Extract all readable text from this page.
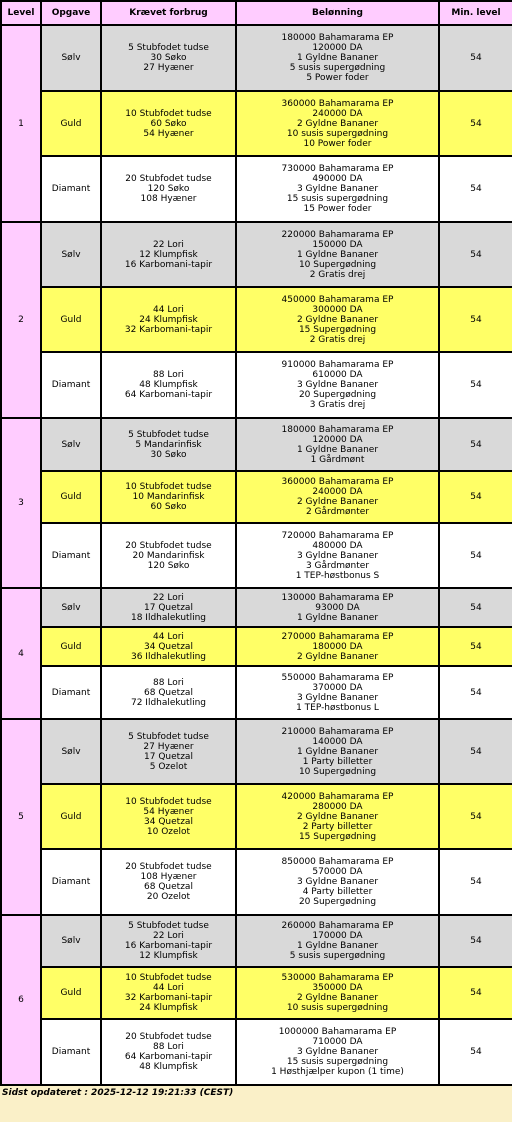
Level	Opgave	Krævet forbrug	Belønning	Min. level
1	Sølv	5 Stubfodet tudse
30 Søko
27 Hyæner	180000 Bahamarama EP
120000 DA
1 Gyldne Bananer
5 susis supergødning
5 Power foder	54
	Guld	10 Stubfodet tudse
60 Søko
54 Hyæner	360000 Bahamarama EP
240000 DA
2 Gyldne Bananer
10 susis supergødning
10 Power foder	54
	Diamant	20 Stubfodet tudse
120 Søko
108 Hyæner	730000 Bahamarama EP
490000 DA
3 Gyldne Bananer
15 susis supergødning
15 Power foder	54
2	Sølv	22 Lori
12 Klumpfisk
16 Karbomani-tapir	220000 Bahamarama EP
150000 DA
1 Gyldne Bananer
10 Supergødning
2 Gratis drej	54
	Guld	44 Lori
24 Klumpfisk
32 Karbomani-tapir	450000 Bahamarama EP
300000 DA
2 Gyldne Bananer
15 Supergødning
2 Gratis drej	54
	Diamant	88 Lori
48 Klumpfisk
64 Karbomani-tapir	910000 Bahamarama EP
610000 DA
3 Gyldne Bananer
20 Supergødning
3 Gratis drej	54
3	Sølv	5 Stubfodet tudse
5 Mandarinfisk
30 Søko	180000 Bahamarama EP
120000 DA
1 Gyldne Bananer
1 Gårdmønt	54
	Guld	10 Stubfodet tudse
10 Mandarinfisk
60 Søko	360000 Bahamarama EP
240000 DA
2 Gyldne Bananer
2 Gårdmønter	54
	Diamant	20 Stubfodet tudse
20 Mandarinfisk
120 Søko	720000 Bahamarama EP
480000 DA
3 Gyldne Bananer
3 Gårdmønter
1 TEP-høstbonus S	54
4	Sølv	22 Lori
17 Quetzal
18 Ildhalekutling	130000 Bahamarama EP
93000 DA
1 Gyldne Bananer	54
	Guld	44 Lori
34 Quetzal
36 Ildhalekutling	270000 Bahamarama EP
180000 DA
2 Gyldne Bananer	54
	Diamant	88 Lori
68 Quetzal
72 Ildhalekutling	550000 Bahamarama EP
370000 DA
3 Gyldne Bananer
1 TEP-høstbonus L	54
5	Sølv	5 Stubfodet tudse
27 Hyæner
17 Quetzal
5 Ozelot	210000 Bahamarama EP
140000 DA
1 Gyldne Bananer
1 Party billetter
10 Supergødning	54
	Guld	10 Stubfodet tudse
54 Hyæner
34 Quetzal
10 Ozelot	420000 Bahamarama EP
280000 DA
2 Gyldne Bananer
2 Party billetter
15 Supergødning	54
	Diamant	20 Stubfodet tudse
108 Hyæner
68 Quetzal
20 Ozelot	850000 Bahamarama EP
570000 DA
3 Gyldne Bananer
4 Party billetter
20 Supergødning	54
6	Sølv	5 Stubfodet tudse
22 Lori
16 Karbomani-tapir
12 Klumpfisk	260000 Bahamarama EP
170000 DA
1 Gyldne Bananer
5 susis supergødning	54
	Guld	10 Stubfodet tudse
44 Lori
32 Karbomani-tapir
24 Klumpfisk	530000 Bahamarama EP
350000 DA
2 Gyldne Bananer
10 susis supergødning	54
	Diamant	20 Stubfodet tudse
88 Lori
64 Karbomani-tapir
48 Klumpfisk	1000000 Bahamarama EP
710000 DA
3 Gyldne Bananer
15 susis supergødning
1 Høsthjælper kupon (1 time)	54
Sidst opdateret : 2025-12-12 19:21:33 (CEST)
